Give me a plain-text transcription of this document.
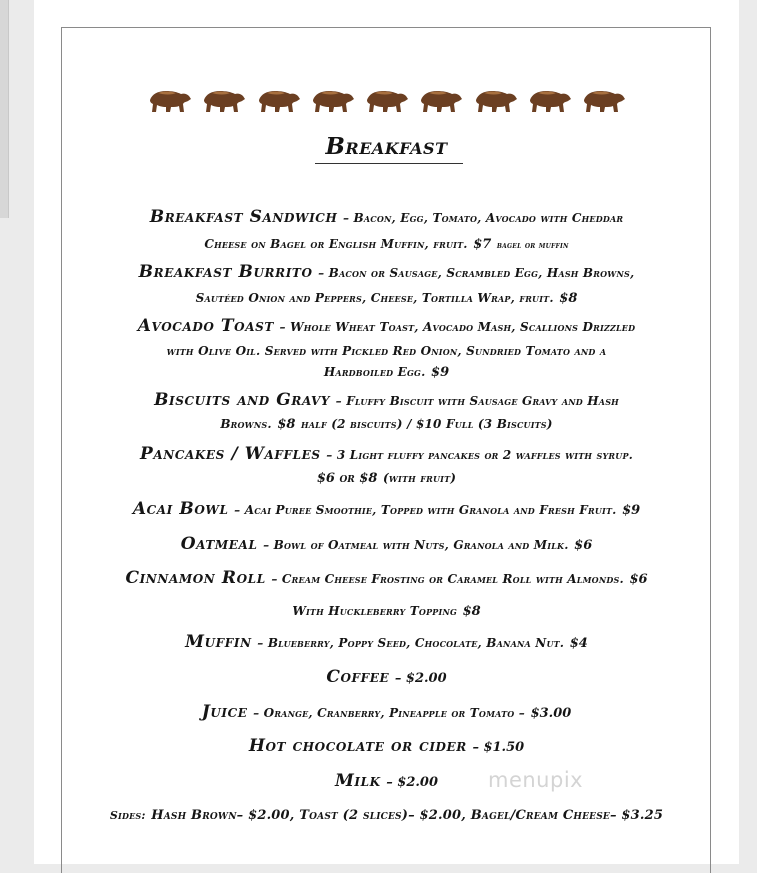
Breakfast
Breakfast Sandwich – Bacon, Egg, Tomato, Avocado with Cheddar
Cheese on Bagel or English Muffin, fruit. $7 bagel or muffin
Breakfast Burrito – Bacon or Sausage, Scrambled Egg, Hash Browns,
Sautéed Onion and Peppers, Cheese, Tortilla Wrap, fruit. $8
Avocado Toast – Whole Wheat Toast, Avocado Mash, Scallions Drizzled
with Olive Oil. Served with Pickled Red Onion, Sundried Tomato and a
Hardboiled Egg. $9
Biscuits and Gravy – Fluffy Biscuit with Sausage Gravy and Hash
Browns. $8 half (2 biscuits) / $10 Full (3 Biscuits)
Pancakes / Waffles – 3 Light fluffy pancakes or 2 waffles with syrup.
$6 or $8 (with fruit)
Acai Bowl – Acai Puree Smoothie, Topped with Granola and Fresh Fruit. $9
Oatmeal – Bowl of Oatmeal with Nuts, Granola and Milk. $6
Cinnamon Roll – Cream Cheese Frosting or Caramel Roll with Almonds. $6
With Huckleberry Topping $8
Muffin – Blueberry, Poppy Seed, Chocolate, Banana Nut. $4
Coffee – $2.00
Juice – Orange, Cranberry, Pineapple or Tomato – $3.00
Hot chocolate or cider – $1.50
Milk – $2.00
Sides: Hash Brown– $2.00, Toast (2 slices)– $2.00, Bagel/Cream Cheese– $3.25
menupix
